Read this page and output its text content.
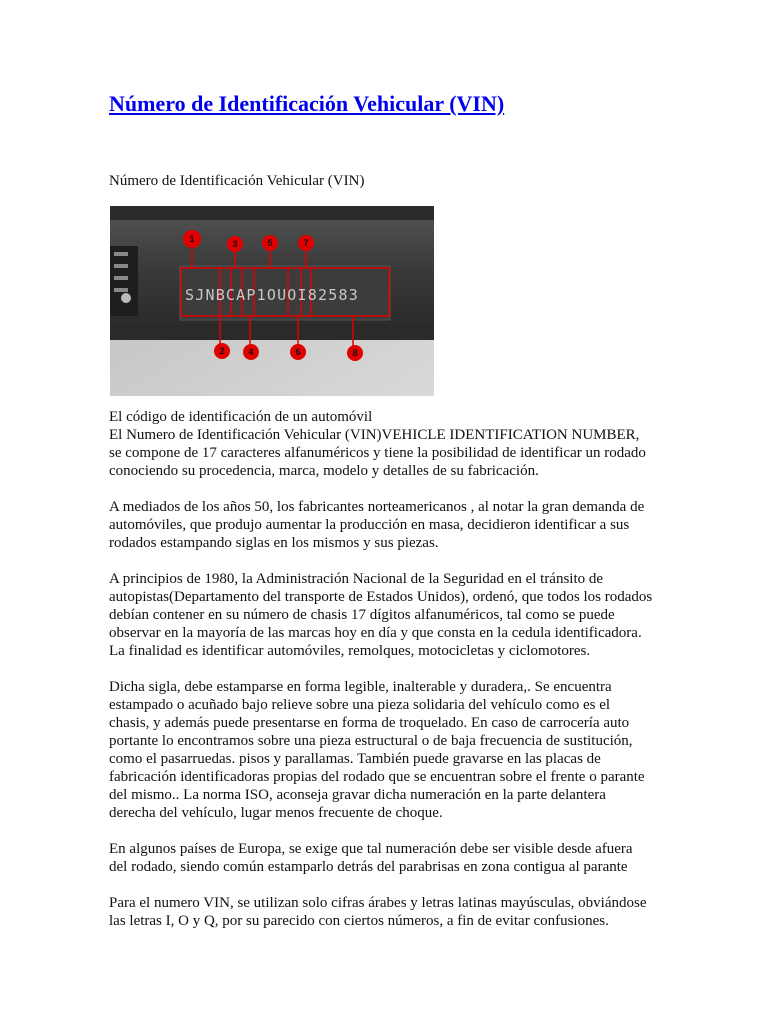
Número de Identificación Vehicular (VIN)

Número de Identificación Vehicular (VIN)

SJNBCAP1OUOI82583
1	3	5	7
2	4	6	8

El código de identificación de un automóvil

El Numero de Identificación Vehicular (VIN)VEHICLE IDENTIFICATION NUMBER, se compone de 17 caracteres alfanuméricos y tiene la posibilidad de identificar un rodado conociendo su procedencia, marca, modelo y detalles de su fabricación.

A mediados de los años 50, los fabricantes norteamericanos , al notar la gran demanda de automóviles, que produjo aumentar la producción en masa, decidieron identificar a sus rodados estampando siglas en los mismos y sus piezas.

A principios de 1980, la Administración Nacional de la Seguridad en el tránsito de autopistas(Departamento del transporte de Estados Unidos), ordenó, que todos los rodados debían contener en su número de chasis 17 dígitos alfanuméricos, tal como se puede observar en la mayoría de las marcas hoy en día y que consta en la cedula identificadora. La finalidad es identificar automóviles, remolques, motocicletas y ciclomotores.

Dicha sigla, debe estamparse en forma legible, inalterable y duradera,. Se encuentra estampado o acuñado bajo relieve sobre una pieza solidaria del vehículo como es el chasis, y además puede presentarse en forma de troquelado. En caso de carrocería auto portante lo encontramos sobre una pieza estructural o de baja frecuencia de sustitución, como el pasarruedas. pisos y parallamas. También puede gravarse en las placas de fabricación identificadoras propias del rodado que se encuentran sobre el frente o parante del mismo.. La norma ISO, aconseja gravar dicha numeración en la parte delantera derecha del vehículo, lugar menos frecuente de choque.

En algunos países de Europa, se exige que tal numeración debe ser visible desde afuera del rodado, siendo común estamparlo detrás del parabrisas en zona contigua al parante

Para el numero VIN, se utilizan solo cifras árabes y letras latinas mayúsculas, obviándose las letras I, O y Q, por su parecido con ciertos números, a fin de evitar confusiones.
